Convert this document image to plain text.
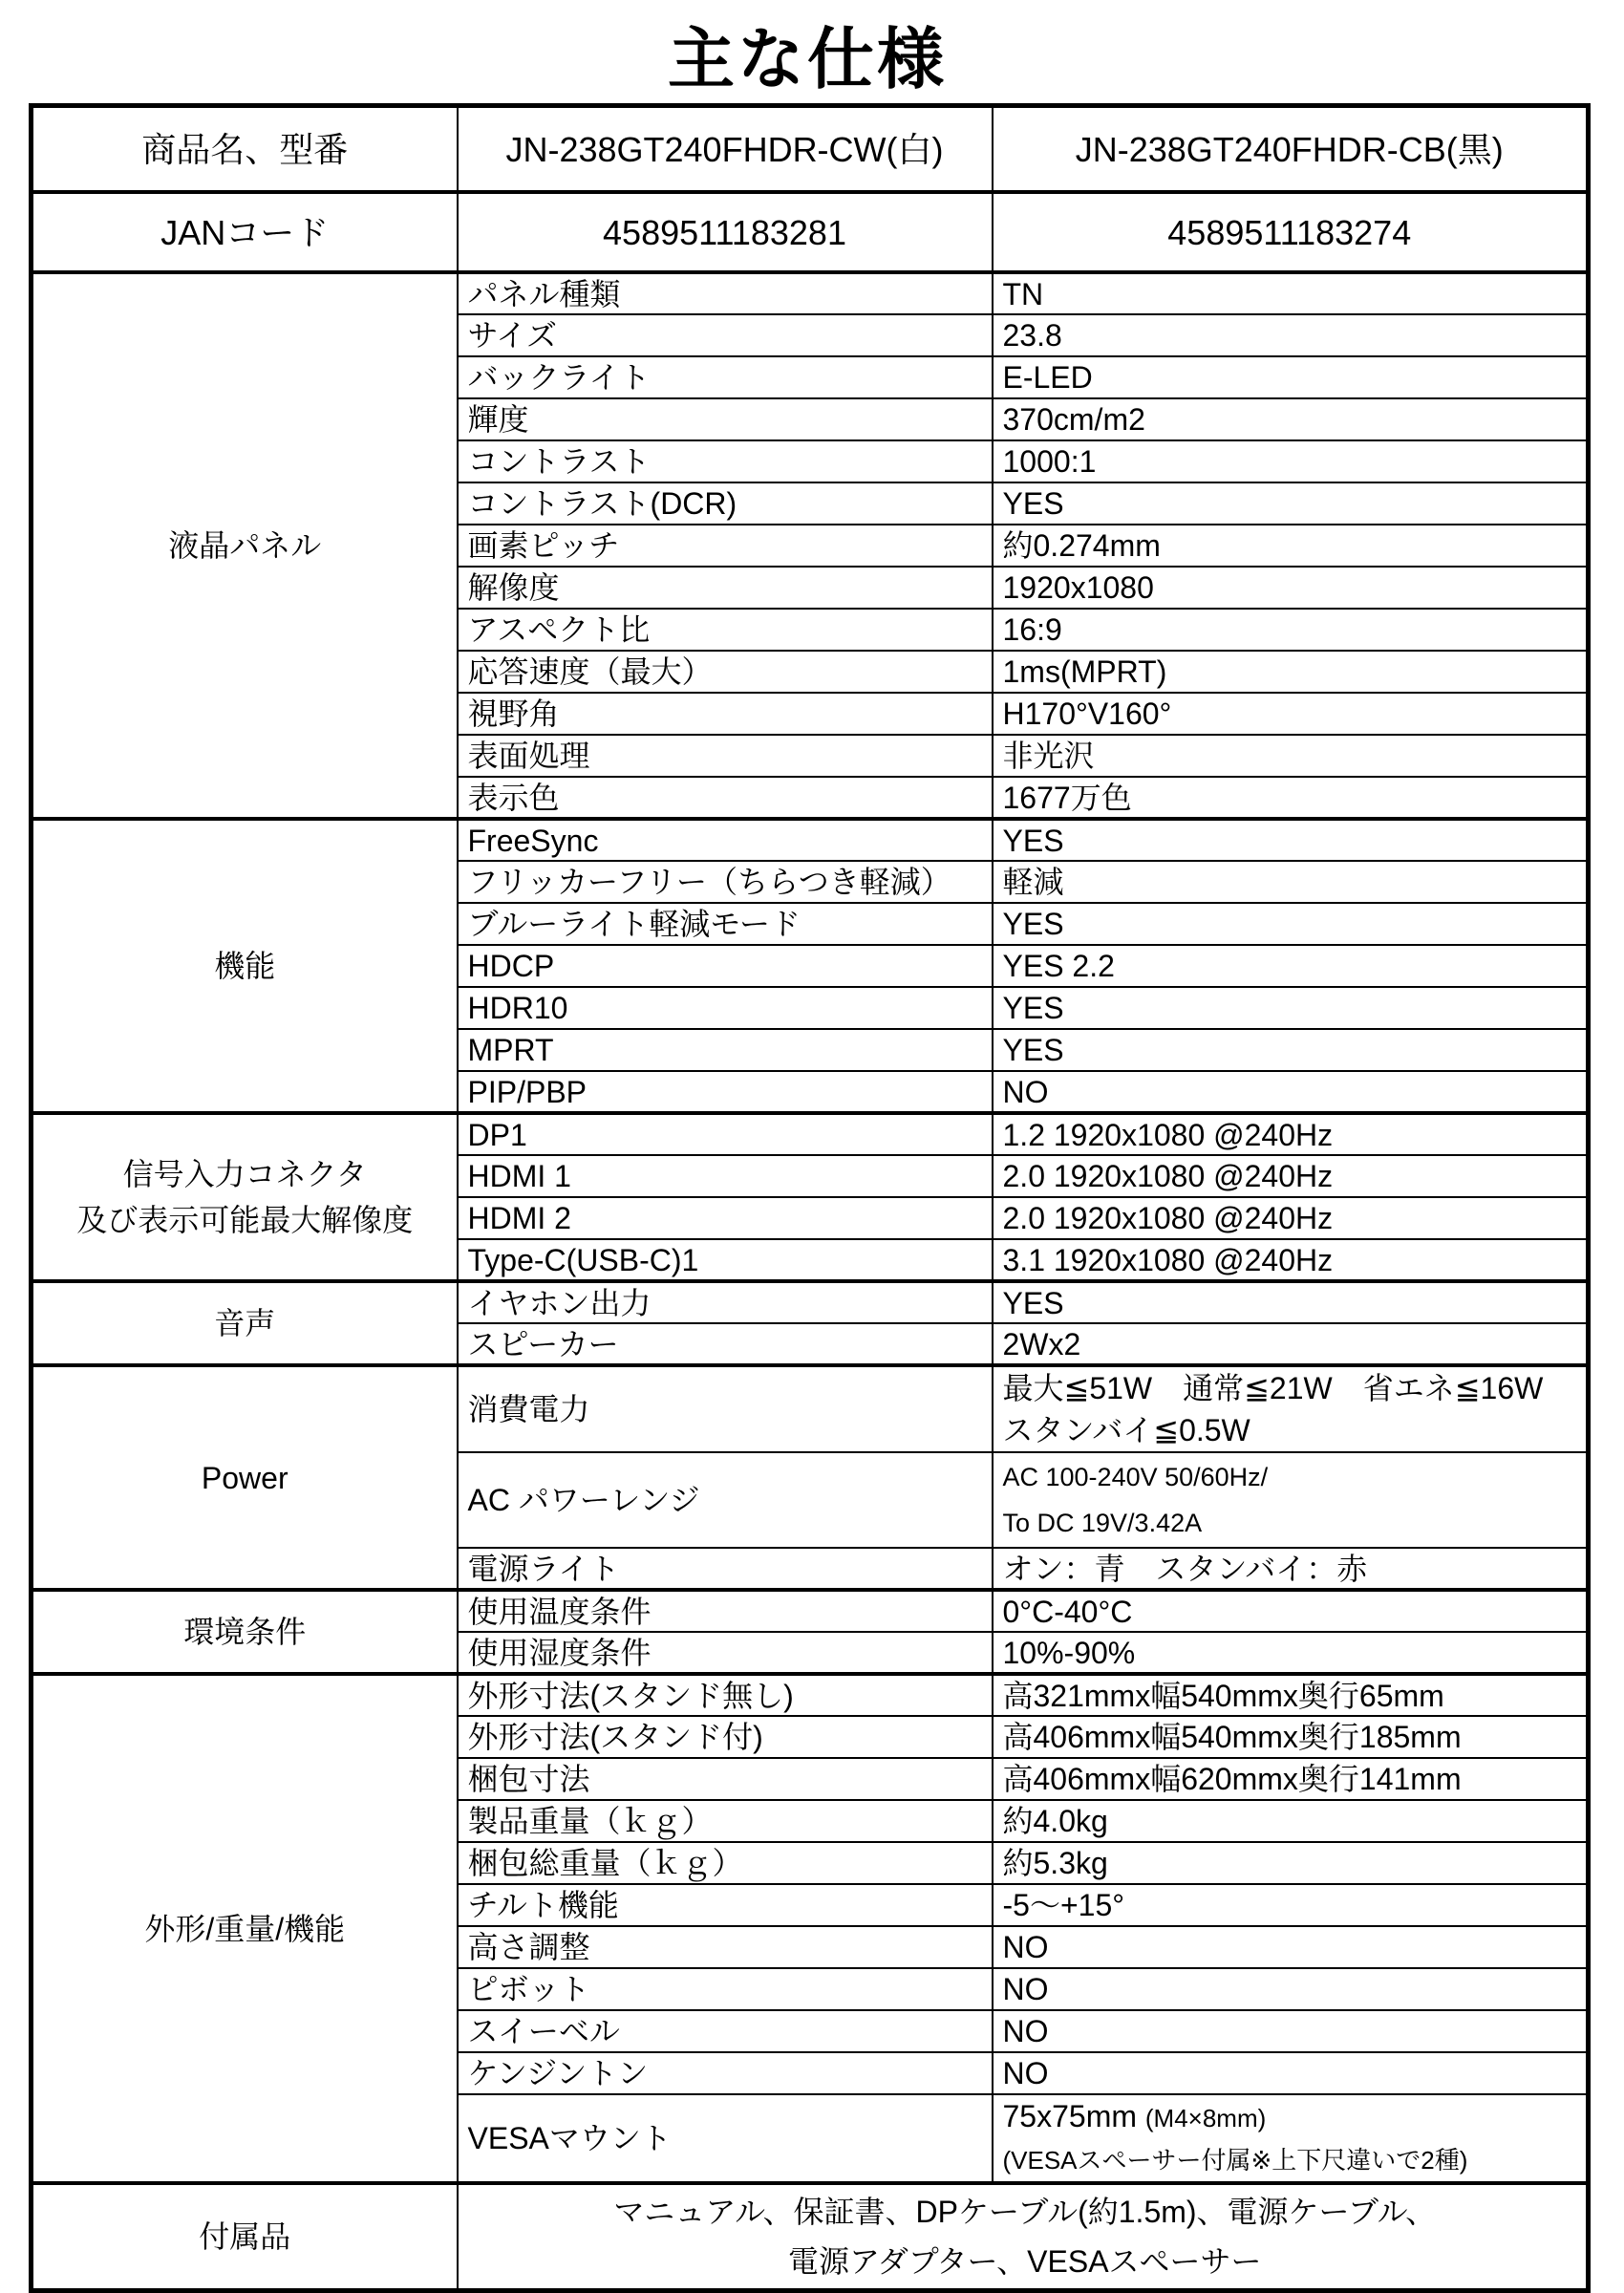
主な仕様
商品名、型番	JN-238GT240FHDR-CW(白)	JN-238GT240FHDR-CB(黒)
JANコード	4589511183281	4589511183274
液晶パネル	パネル種類	TN
	サイズ	23.8
	バックライト	E-LED
	輝度	370cm/m2
	コントラスト	1000:1
	コントラスト(DCR)	YES
	画素ピッチ	約0.274mm
	解像度	1920x1080
	アスペクト比	16:9
	応答速度（最大）	1ms(MPRT)
	視野角	H170°V160°
	表面処理	非光沢
	表示色	1677万色
機能	FreeSync	YES
	フリッカーフリー（ちらつき軽減）	軽減
	ブルーライト軽減モード	YES
	HDCP	YES 2.2
	HDR10	YES
	MPRT	YES
	PIP/PBP	NO

信号入力コネクタ
及び表示可能最大解像度	DP1	1.2 1920x1080 @240Hz
	HDMI 1	2.0 1920x1080 @240Hz
	HDMI 2	2.0 1920x1080 @240Hz
	Type-C(USB-C)1	3.1 1920x1080 @240Hz
音声	イヤホン出力	YES
	スピーカー	2Wx2
Power	消費電力	最大≦51W　通常≦21W　省エネ≦16W
スタンバイ≦0.5W

	AC パワーレンジ	AC 100-240V 50/60Hz/
To DC 19V/3.42A

	電源ライト	オン：青　スタンバイ：赤
環境条件	使用温度条件	0°C-40°C
	使用湿度条件	10%-90%
外形/重量/機能	外形寸法(スタンド無し)	高321mmx幅540mmx奥行65mm
	外形寸法(スタンド付)	高406mmx幅540mmx奥行185mm
	梱包寸法	高406mmx幅620mmx奥行141mm
	製品重量（ｋｇ）	約4.0kg
	梱包総重量（ｋｇ）	約5.3kg
	チルト機能	-5～+15°
	高さ調整	NO
	ピボット	NO
	スイーベル	NO
	ケンジントン	NO
	VESAマウント	75x75mm (M4×8mm)
(VESAスペーサー付属※上下尺違いで2種)

付属品	マニュアル、保証書、DPケーブル(約1.5m)、電源ケーブル、
電源アダプター、VESAスペーサー	
